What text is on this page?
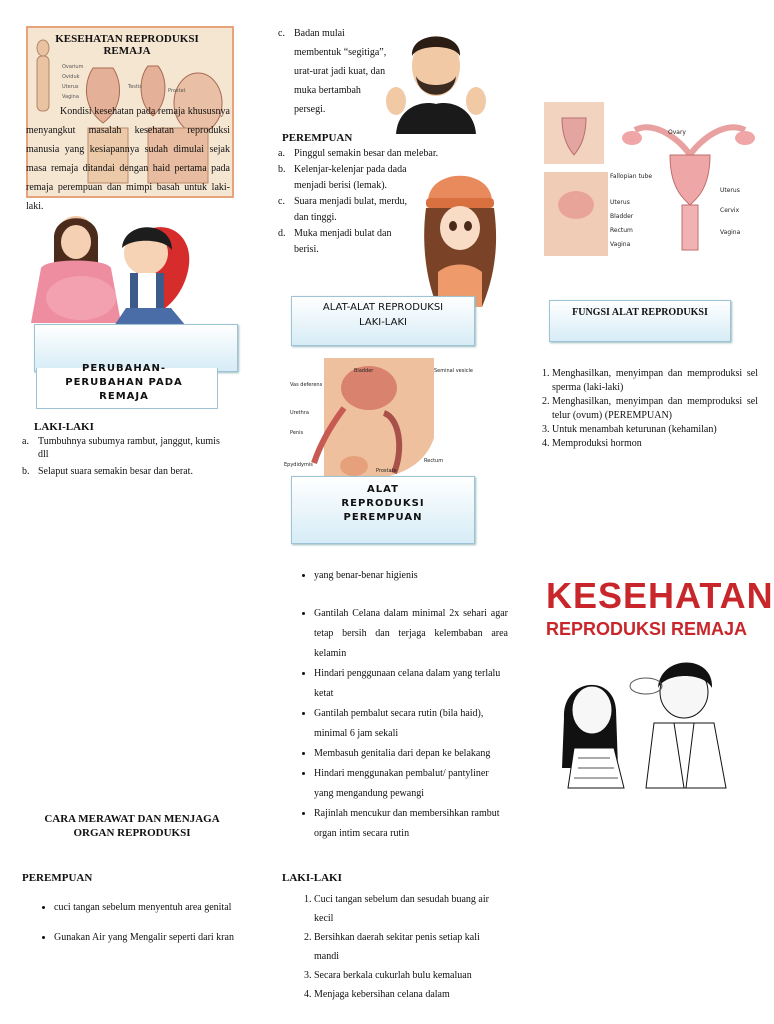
Ovarium
Oviduk
Uterus
Vagina
Testis
Prostat
KESEHATAN REPRODUKSI REMAJA
Kondisi kesehatan pada remaja khususnya menyangkut masalah kesehatan reproduksi manusia yang kesiapannya sudah dimulai sejak masa remaja ditandai dengan haid pertama pada remaja perempuan dan mimpi basah untuk laki-laki.
PERUBAHAN-PERUBAHAN PADA REMAJA
LAKI-LAKI
a. Tumbuhnya subumya rambut, janggut, kumis dll
b. Selaput suara semakin besar dan berat.
CARA MERAWAT DAN MENJAGA ORGAN REPRODUKSI
PEREMPUAN
• cuci tangan sebelum menyentuh area genital
• Gunakan Air yang Mengalir seperti dari kran
c. Badan mulai membentuk “segitiga”, urat-urat jadi kuat, dan muka bertambah persegi.
PEREMPUAN
a. Pinggul semakin besar dan melebar.
b. Kelenjar-kelenjar pada dada menjadi berisi (lemak).
c. Suara menjadi bulat, merdu, dan tinggi.
d. Muka menjadi bulat dan berisi.
ALAT-ALAT REPRODUKSI LAKI-LAKI
Bladder	Seminal vesicle
Vas deferens
Urethra
Penis
Epydidymis
Prostate
Rectum
ALAT REPRODUKSI PEREMPUAN
• yang benar-benar higienis
• Gantilah Celana dalam minimal 2x sehari agar tetap bersih dan terjaga kelembaban area kelamin
• Hindari penggunaan celana dalam yang terlalu ketat
• Gantilah pembalut secara rutin (bila haid), minimal 6 jam sekali
• Membasuh genitalia dari depan ke belakang
• Hindari menggunakan pembalut/ pantyliner yang mengandung pewangi
• Rajinlah mencukur dan membersihkan rambut organ intim secara rutin
LAKI-LAKI
1. Cuci tangan sebelum dan sesudah buang air kecil
2. Bersihkan daerah sekitar penis setiap kali mandi
3. Secara berkala cukurlah bulu kemaluan
4. Menjaga kebersihan celana dalam
Ovary
Fallopian tube
Uterus
Bladder
Rectum
Vagina
Uterus
Cervix
Vagina
FUNGSI ALAT REPRODUKSI
1. Menghasilkan, menyimpan dan memproduksi sel sperma (laki-laki)
2. Menghasilkan, menyimpan dan memproduksi sel telur (ovum) (PEREMPUAN)
3. Untuk menambah keturunan (kehamilan)
4. Memproduksi hormon
KESEHATAN
REPRODUKSI REMAJA
